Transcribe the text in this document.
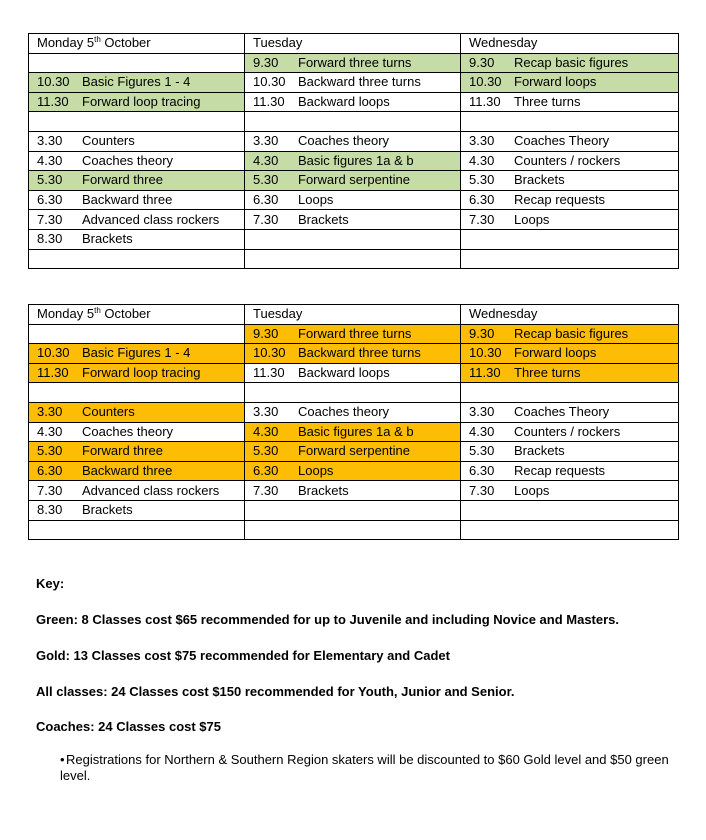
Monday 5th October	Tuesday	Wednesday
	9.30 Forward three turns	9.30 Recap basic figures
10.30 Basic Figures 1 - 4	10.30 Backward three turns	10.30 Forward loops
11.30 Forward loop tracing	11.30 Backward loops	11.30 Three turns

3.30 Counters	3.30 Coaches theory	3.30 Coaches Theory
4.30 Coaches theory	4.30 Basic figures 1a & b	4.30 Counters / rockers
5.30 Forward three	5.30 Forward serpentine	5.30 Brackets
6.30 Backward three	6.30 Loops	6.30 Recap requests
7.30 Advanced class rockers	7.30 Brackets	7.30 Loops
8.30 Brackets		

Monday 5th October	Tuesday	Wednesday
	9.30 Forward three turns	9.30 Recap basic figures
10.30 Basic Figures 1 - 4	10.30 Backward three turns	10.30 Forward loops
11.30 Forward loop tracing	11.30 Backward loops	11.30 Three turns

3.30 Counters	3.30 Coaches theory	3.30 Coaches Theory
4.30 Coaches theory	4.30 Basic figures 1a & b	4.30 Counters / rockers
5.30 Forward three	5.30 Forward serpentine	5.30 Brackets
6.30 Backward three	6.30 Loops	6.30 Recap requests
7.30 Advanced class rockers	7.30 Brackets	7.30 Loops
8.30 Brackets		

Key:
Green: 8 Classes cost $65 recommended for up to Juvenile and including Novice and Masters.
Gold: 13 Classes cost $75 recommended for Elementary and Cadet
All classes: 24 Classes cost $150 recommended for Youth, Junior and Senior.
Coaches: 24 Classes cost $75
•Registrations for Northern & Southern Region skaters will be discounted to $60 Gold level and $50 green level.
